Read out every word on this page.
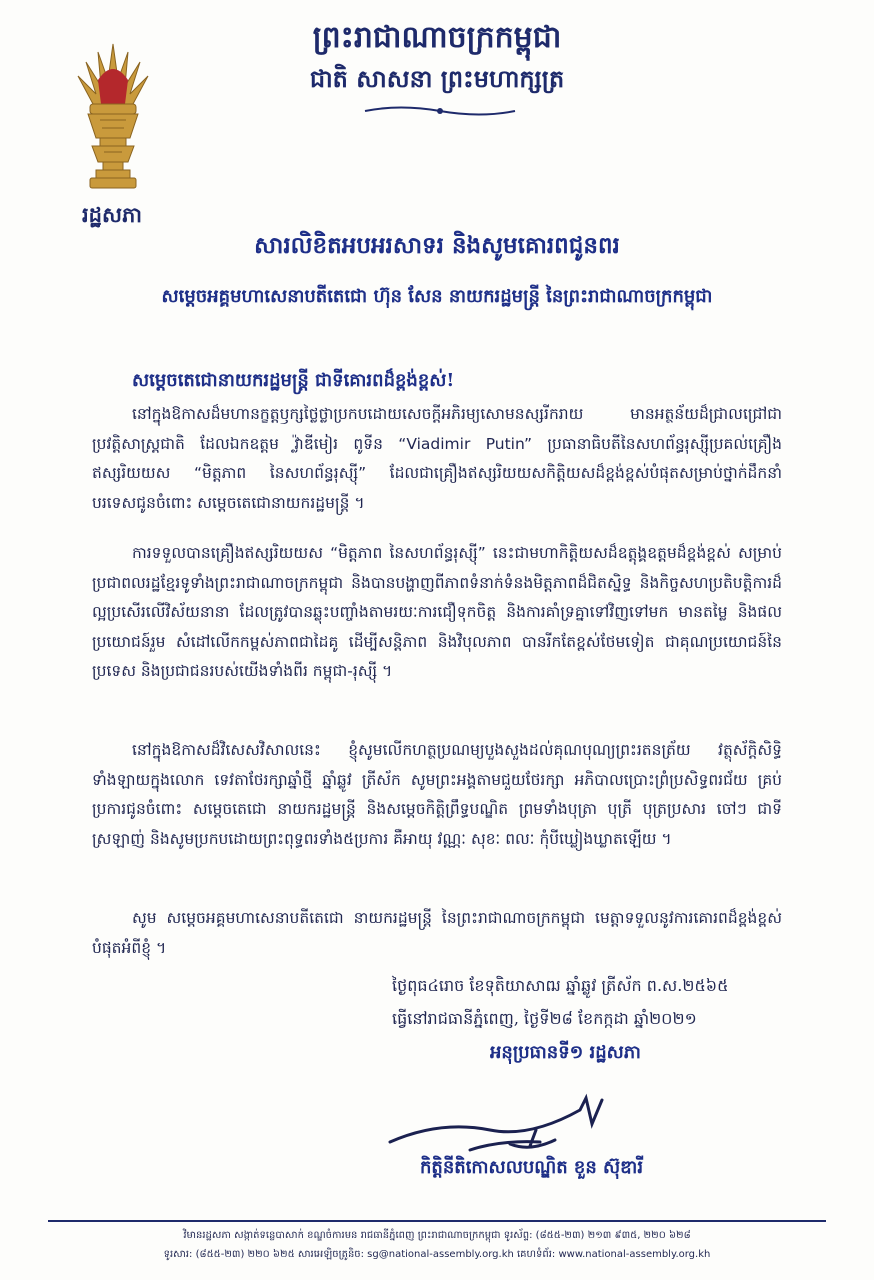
ព្រះរាជាណាចក្រកម្ពុជា
ជាតិ សាសនា ព្រះមហាក្សត្រ
រដ្ឋសភា
សារលិខិតអបអរសាទរ និងសូមគោរពជូនពរ
សម្តេចអគ្គមហាសេនាបតីតេជោ ហ៊ុន សែន នាយករដ្ឋមន្ត្រី នៃព្រះរាជាណាចក្រកម្ពុជា
សម្តេចតេជោនាយករដ្ឋមន្ត្រី ជាទីគោរពដ៏ខ្ពង់ខ្ពស់!
នៅក្នុងឱកាសដ៏មហានក្ខត្តឫក្សថ្លៃថ្លាប្រកបដោយសេចក្តីអភិរម្យសោមនស្សរីករាយ មានអត្ថន័យដ៏ជ្រាលជ្រៅជាប្រវត្តិសាស្ត្រជាតិ ដែលឯកឧត្តម វ្ល៉ាឌីមៀរ ពូទីន “Viadimir Putin” ប្រធានាធិបតីនៃសហព័ន្ធរុស្ស៊ីប្រគល់គ្រឿងឥស្សរិយយស “មិត្តភាព នៃសហព័ន្ធរុស្ស៊ី” ដែលជាគ្រឿងឥស្សរិយយសកិត្តិយសដ៏ខ្ពង់ខ្ពស់បំផុតសម្រាប់ថ្នាក់ដឹកនាំបរទេសជូនចំពោះ សម្តេចតេជោនាយករដ្ឋមន្ត្រី ។
ការទទួលបានគ្រឿងឥស្សរិយយស “មិត្តភាព នៃសហព័ន្ធរុស្ស៊ី” នេះជាមហាកិត្តិយសដ៏ឧត្តុង្គឧត្តមដ៏ខ្ពង់ខ្ពស់ សម្រាប់ប្រជាពលរដ្ឋខ្មែរទូទាំងព្រះរាជាណាចក្រកម្ពុជា និងបានបង្ហាញពីភាពទំនាក់ទំនងមិត្តភាពដ៏ជិតស្និទ្ធ និងកិច្ចសហប្រតិបត្តិការដ៏ល្អប្រសើរលើវិស័យនានា ដែលត្រូវបានឆ្លុះបញ្ចាំងតាមរយៈការជឿទុកចិត្ត និងការគាំទ្រគ្នាទៅវិញទៅមក មានតម្លៃ និងផលប្រយោជន៍រួម សំដៅលើកកម្ពស់ភាពជាដៃគូ ដើម្បីសន្តិភាព និងវិបុលភាព បានរីកតែខ្ពស់ថែមទៀត ជាគុណប្រយោជន៍នៃប្រទេស និងប្រជាជនរបស់យើងទាំងពីរ កម្ពុជា-រុស្ស៊ី ។
នៅក្នុងឱកាសដ៏វិសេសវិសាលនេះ ខ្ញុំសូមលើកហត្ថប្រណម្យបួងសួងដល់គុណបុណ្យព្រះរតនត្រ័យ វត្ថុស័ក្តិសិទ្ធិទាំងឡាយក្នុងលោក ទេវតាថែរក្សាឆ្នាំថ្មី ឆ្នាំឆ្លូវ ត្រីស័ក សូមព្រះអង្គតាមជួយថែរក្សា អភិបាលប្រោះព្រំប្រសិទ្ធពរជ័យ គ្រប់ប្រការជូនចំពោះ សម្តេចតេជោ នាយករដ្ឋមន្ត្រី និងសម្តេចកិត្តិព្រឹទ្ធបណ្ឌិត ព្រមទាំងបុត្រា បុត្រី បុត្រប្រសារ ចៅៗ ជាទីស្រឡាញ់ និងសូមប្រកបដោយព្រះពុទ្ធពរទាំង៥ប្រការ គឺអាយុ វណ្ណៈ សុខៈ ពលៈ កុំបីឃ្លៀងឃ្លាតឡើយ ។
សូម សម្តេចអគ្គមហាសេនាបតីតេជោ នាយករដ្ឋមន្ត្រី នៃព្រះរាជាណាចក្រកម្ពុជា មេត្តាទទួលនូវការគោរពដ៏ខ្ពង់ខ្ពស់បំផុតអំពីខ្ញុំ ។
ថ្ងៃពុធ៤រោច ខែទុតិយាសាឍ ឆ្នាំឆ្លូវ ត្រីស័ក ព.ស.២៥៦៥
ធ្វើនៅរាជធានីភ្នំពេញ, ថ្ងៃទី២៨ ខែកក្កដា ឆ្នាំ២០២១
អនុប្រធានទី១ រដ្ឋសភា
កិត្តិនីតិកោសលបណ្ឌិត ខួន ស៊ុឌារី
វិមានរដ្ឋសភា សង្កាត់ទន្លេបាសាក់ ខណ្ឌចំការមន រាជធានីភ្នំពេញ ព្រះរាជាណាចក្រកម្ពុជា ទូរស័ព្ទ: (៨៥៥-២៣) ២១៣ ៩៣៥, ២២០ ៦២៨
ទូរសារ: (៨៥៥-២៣) ២២០ ៦២៥ សារអេឡិចត្រូនិច: sg@national-assembly.org.kh គេហទំព័រ: www.national-assembly.org.kh
